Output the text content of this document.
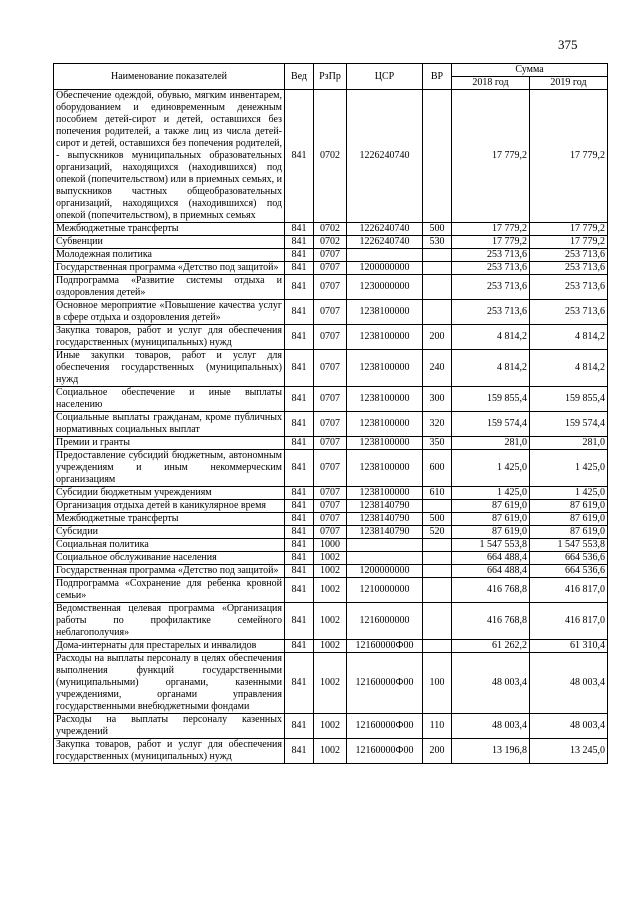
375
Наименование показателей	Вед	РзПр	ЦСР	ВР	Сумма	
					2018 год	2019 год
Обеспечение одеждой, обувью, мягким инвентарем, оборудованием и единовременным денежным пособием детей-сирот и детей, оставшихся без попечения родителей, а также лиц из числа детей-сирот и детей, оставшихся без попечения родителей, - выпускников муниципальных образовательных организаций, находящихся (находившихся) под опекой (попечительством) или в приемных семьях, и выпускников частных общеобразовательных организаций, находящихся (находившихся) под опекой (попечительством), в приемных семьях	841	0702	1226240740		17 779,2	17 779,2
Межбюджетные трансферты	841	0702	1226240740	500	17 779,2	17 779,2
Субвенции	841	0702	1226240740	530	17 779,2	17 779,2
Молодежная политика	841	0707			253 713,6	253 713,6
Государственная программа «Детство под защитой»	841	0707	1200000000		253 713,6	253 713,6
Подпрограмма «Развитие системы отдыха и оздоровления детей»	841	0707	1230000000		253 713,6	253 713,6
Основное мероприятие «Повышение качества услуг в сфере отдыха и оздоровления детей»	841	0707	1238100000		253 713,6	253 713,6
Закупка товаров, работ и услуг для обеспечения государственных (муниципальных) нужд	841	0707	1238100000	200	4 814,2	4 814,2
Иные закупки товаров, работ и услуг для обеспечения государственных (муниципальных) нужд	841	0707	1238100000	240	4 814,2	4 814,2
Социальное обеспечение и иные выплаты населению	841	0707	1238100000	300	159 855,4	159 855,4
Социальные выплаты гражданам, кроме публичных нормативных социальных выплат	841	0707	1238100000	320	159 574,4	159 574,4
Премии и гранты	841	0707	1238100000	350	281,0	281,0
Предоставление субсидий бюджетным, автономным учреждениям и иным некоммерческим организациям	841	0707	1238100000	600	1 425,0	1 425,0
Субсидии бюджетным учреждениям	841	0707	1238100000	610	1 425,0	1 425,0
Организация отдыха детей в каникулярное время	841	0707	1238140790		87 619,0	87 619,0
Межбюджетные трансферты	841	0707	1238140790	500	87 619,0	87 619,0
Субсидии	841	0707	1238140790	520	87 619,0	87 619,0
Социальная политика	841	1000			1 547 553,8	1 547 553,8
Социальное обслуживание населения	841	1002			664 488,4	664 536,6
Государственная программа «Детство под защитой»	841	1002	1200000000		664 488,4	664 536,6
Подпрограмма «Сохранение для ребенка кровной семьи»	841	1002	1210000000		416 768,8	416 817,0
Ведомственная целевая программа «Организация работы по профилактике семейного неблагополучия»	841	1002	1216000000		416 768,8	416 817,0
Дома-интернаты для престарелых и инвалидов	841	1002	12160000Ф00		61 262,2	61 310,4
Расходы на выплаты персоналу в целях обеспечения выполнения функций государственными (муниципальными) органами, казенными учреждениями, органами управления государственными внебюджетными фондами	841	1002	12160000Ф00	100	48 003,4	48 003,4
Расходы на выплаты персоналу казенных учреждений	841	1002	12160000Ф00	110	48 003,4	48 003,4
Закупка товаров, работ и услуг для обеспечения государственных (муниципальных) нужд	841	1002	12160000Ф00	200	13 196,8	13 245,0
